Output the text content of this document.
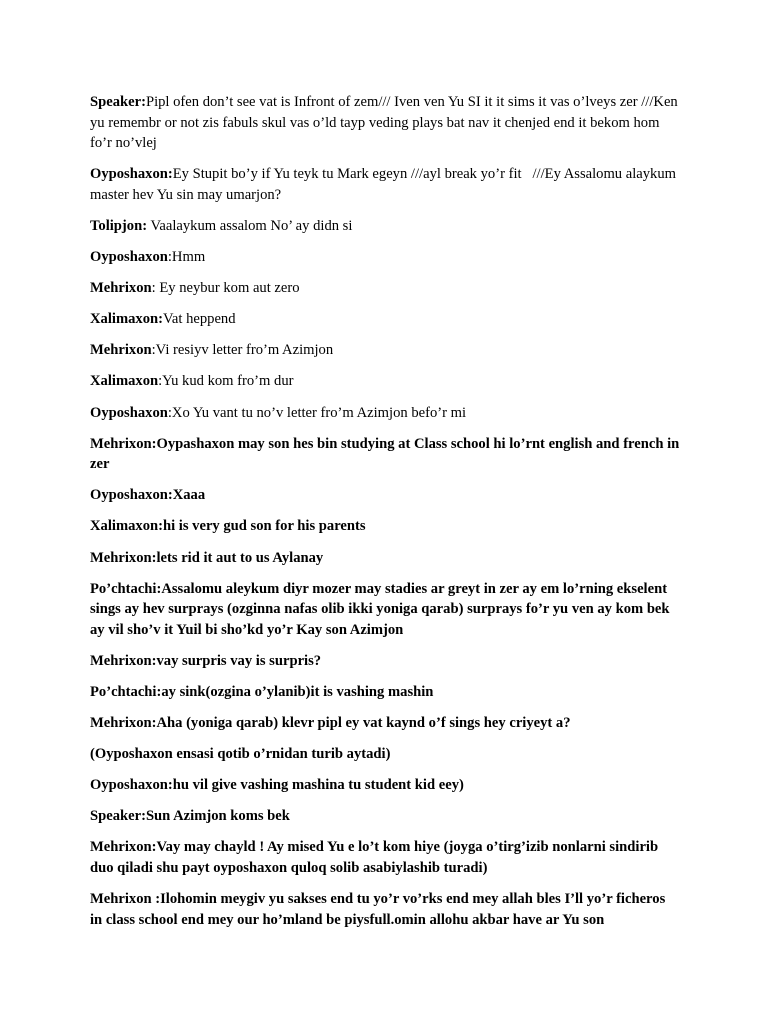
Speaker:Pipl ofen don’t see vat is Infront of zem/// Iven ven Yu SI it it sims it vas o’lveys zer ///Ken yu remembr or not zis fabuls skul vas o’ld tayp veding plays bat nav it chenjed end it bekom hom fo’r no’vlej

Oyposhaxon:Ey Stupit bo’y if Yu teyk tu Mark egeyn ///ayl break yo’r fit   ///Ey Assalomu alaykum master hev Yu sin may umarjon?

Tolipjon: Vaalaykum assalom No’ ay didn si

Oyposhaxon:Hmm

Mehrixon: Ey neybur kom aut zero

Xalimaxon:Vat heppend

Mehrixon:Vi resiyv letter fro’m Azimjon

Xalimaxon:Yu kud kom fro’m dur

Oyposhaxon:Xo Yu vant tu no’v letter fro’m Azimjon befo’r mi

Mehrixon:Oypashaxon may son hes bin studying at Class school hi lo’rnt english and french in zer

Oyposhaxon:Xaaa

Xalimaxon:hi is very gud son for his parents

Mehrixon:lets rid it aut to us Aylanay

Po’chtachi:Assalomu aleykum diyr mozer may stadies ar greyt in zer ay em lo’rning ekselent sings ay hev surprays (ozginna nafas olib ikki yoniga qarab) surprays fo’r yu ven ay kom bek ay vil sho’v it Yuil bi sho’kd yo’r Kay son Azimjon

Mehrixon:vay surpris vay is surpris?

Po’chtachi:ay sink(ozgina o’ylanib)it is vashing mashin

Mehrixon:Aha (yoniga qarab) klevr pipl ey vat kaynd o’f sings hey criyeyt a?

(Oyposhaxon ensasi qotib o’rnidan turib aytadi)

Oyposhaxon:hu vil give vashing mashina tu student kid eey)

Speaker:Sun Azimjon koms bek

Mehrixon:Vay may chayld ! Ay mised Yu e lo’t kom hiye (joyga o’tirg’izib nonlarni sindirib duo qiladi shu payt oyposhaxon quloq solib asabiylashib turadi)

Mehrixon :Ilohomin meygiv yu sakses end tu yo’r vo’rks end mey allah bles I’ll yo’r ficheros in class school end mey our ho’mland be piysfull.omin allohu akbar have ar Yu son
